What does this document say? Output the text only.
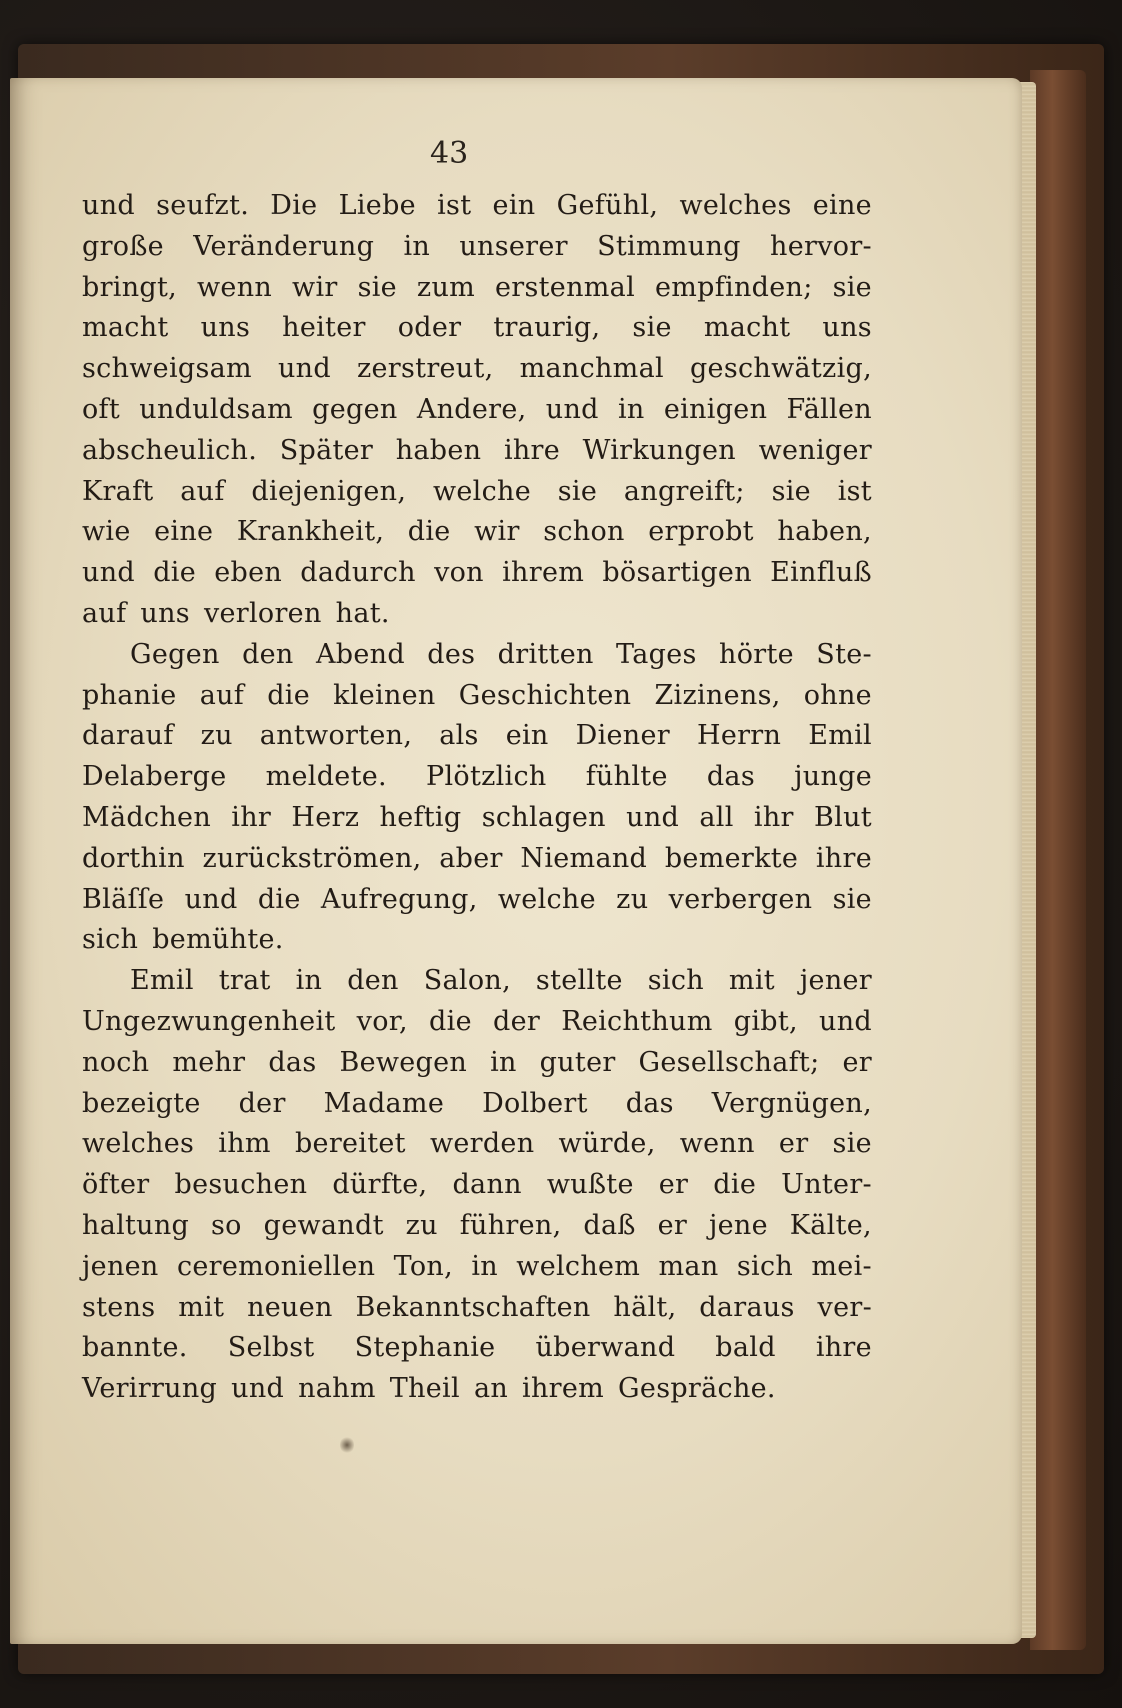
43
und seufzt. Die Liebe ist ein Gefühl, welches eine
große Veränderung in unserer Stimmung hervor-
bringt, wenn wir sie zum erstenmal empfinden; sie
macht uns heiter oder traurig, sie macht uns
schweigsam und zerstreut, manchmal geschwätzig,
oft unduldsam gegen Andere, und in einigen Fällen
abscheulich. Später haben ihre Wirkungen weniger
Kraft auf diejenigen, welche sie angreift; sie ist
wie eine Krankheit, die wir schon erprobt haben,
und die eben dadurch von ihrem bösartigen Einfluß
auf uns verloren hat.
Gegen den Abend des dritten Tages hörte Ste-
phanie auf die kleinen Geschichten Zizinens, ohne
darauf zu antworten, als ein Diener Herrn Emil
Delaberge meldete. Plötzlich fühlte das junge
Mädchen ihr Herz heftig schlagen und all ihr Blut
dorthin zurückströmen, aber Niemand bemerkte ihre
Bläſſe und die Aufregung, welche zu verbergen sie
sich bemühte.
Emil trat in den Salon, stellte sich mit jener
Ungezwungenheit vor, die der Reichthum gibt, und
noch mehr das Bewegen in guter Gesellschaft; er
bezeigte der Madame Dolbert das Vergnügen,
welches ihm bereitet werden würde, wenn er sie
öfter besuchen dürfte, dann wußte er die Unter-
haltung so gewandt zu führen, daß er jene Kälte,
jenen ceremoniellen Ton, in welchem man sich mei-
stens mit neuen Bekanntschaften hält, daraus ver-
bannte. Selbst Stephanie überwand bald ihre
Verirrung und nahm Theil an ihrem Gespräche.
